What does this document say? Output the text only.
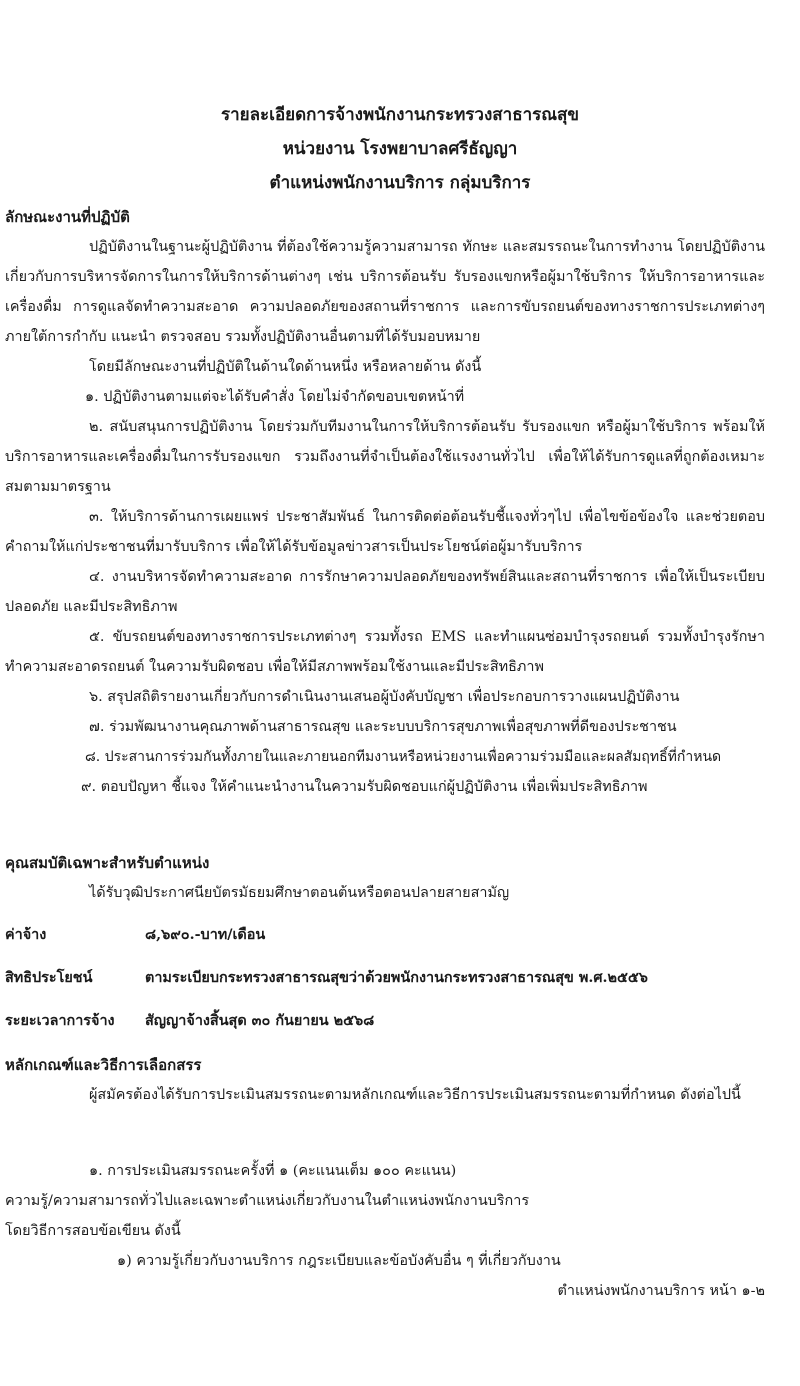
รายละเอียดการจ้างพนักงานกระทรวงสาธารณสุข
หน่วยงาน โรงพยาบาลศรีธัญญา
ตำแหน่งพนักงานบริการ กลุ่มบริการ
ลักษณะงานที่ปฏิบัติ
ปฏิบัติงานในฐานะผู้ปฏิบัติงาน ที่ต้องใช้ความรู้ความสามารถ ทักษะ และสมรรถนะในการทำงาน โดยปฏิบัติงานเกี่ยวกับการบริหารจัดการในการให้บริการด้านต่างๆ เช่น บริการต้อนรับ รับรองแขกหรือผู้มาใช้บริการ ให้บริการอาหารและเครื่องดื่ม การดูแลจัดทำความสะอาด ความปลอดภัยของสถานที่ราชการ และการขับรถยนต์ของทางราชการประเภทต่างๆ ภายใต้การกำกับ แนะนำ ตรวจสอบ รวมทั้งปฏิบัติงานอื่นตามที่ได้รับมอบหมาย
โดยมีลักษณะงานที่ปฏิบัติในด้านใดด้านหนึ่ง หรือหลายด้าน ดังนี้
๑. ปฏิบัติงานตามแต่จะได้รับคำสั่ง โดยไม่จำกัดขอบเขตหน้าที่
๒. สนับสนุนการปฏิบัติงาน โดยร่วมกับทีมงานในการให้บริการต้อนรับ รับรองแขก หรือผู้มาใช้บริการ พร้อมให้บริการอาหารและเครื่องดื่มในการรับรองแขก รวมถึงงานที่จำเป็นต้องใช้แรงงานทั่วไป เพื่อให้ได้รับการดูแลที่ถูกต้องเหมาะสมตามมาตรฐาน
๓. ให้บริการด้านการเผยแพร่ ประชาสัมพันธ์ ในการติดต่อต้อนรับชี้แจงทั่วๆไป เพื่อไขข้อข้องใจ และช่วยตอบคำถามให้แก่ประชาชนที่มารับบริการ เพื่อให้ได้รับข้อมูลข่าวสารเป็นประโยชน์ต่อผู้มารับบริการ
๔. งานบริหารจัดทำความสะอาด การรักษาความปลอดภัยของทรัพย์สินและสถานที่ราชการ เพื่อให้เป็นระเบียบปลอดภัย และมีประสิทธิภาพ
๕. ขับรถยนต์ของทางราชการประเภทต่างๆ รวมทั้งรถ EMS และทำแผนซ่อมบำรุงรถยนต์ รวมทั้งบำรุงรักษาทำความสะอาดรถยนต์ ในความรับผิดชอบ เพื่อให้มีสภาพพร้อมใช้งานและมีประสิทธิภาพ
๖. สรุปสถิติรายงานเกี่ยวกับการดำเนินงานเสนอผู้บังคับบัญชา เพื่อประกอบการวางแผนปฏิบัติงาน
๗. ร่วมพัฒนางานคุณภาพด้านสาธารณสุข และระบบบริการสุขภาพเพื่อสุขภาพที่ดีของประชาชน
๘. ประสานการร่วมกันทั้งภายในและภายนอกทีมงานหรือหน่วยงานเพื่อความร่วมมือและผลสัมฤทธิ์ที่กำหนด
๙. ตอบปัญหา ชี้แจง ให้คำแนะนำงานในความรับผิดชอบแก่ผู้ปฏิบัติงาน เพื่อเพิ่มประสิทธิภาพ
คุณสมบัติเฉพาะสำหรับตำแหน่ง
ได้รับวุฒิประกาศนียบัตรมัธยมศึกษาตอนต้นหรือตอนปลายสายสามัญ
ค่าจ้าง	๘,๖๙๐.-บาท/เดือน
สิทธิประโยชน์	ตามระเบียบกระทรวงสาธารณสุขว่าด้วยพนักงานกระทรวงสาธารณสุข พ.ศ.๒๕๕๖
ระยะเวลาการจ้าง	สัญญาจ้างสิ้นสุด ๓๐ กันยายน ๒๕๖๘
หลักเกณฑ์และวิธีการเลือกสรร
ผู้สมัครต้องได้รับการประเมินสมรรถนะตามหลักเกณฑ์และวิธีการประเมินสมรรถนะตามที่กำหนด ดังต่อไปนี้
๑. การประเมินสมรรถนะครั้งที่ ๑ (คะแนนเต็ม ๑๐๐ คะแนน)
ความรู้/ความสามารถทั่วไปและเฉพาะตำแหน่งเกี่ยวกับงานในตำแหน่งพนักงานบริการ
โดยวิธีการสอบข้อเขียน ดังนี้
๑) ความรู้เกี่ยวกับงานบริการ กฎระเบียบและข้อบังคับอื่น ๆ ที่เกี่ยวกับงาน
ตำแหน่งพนักงานบริการ หน้า ๑-๒
